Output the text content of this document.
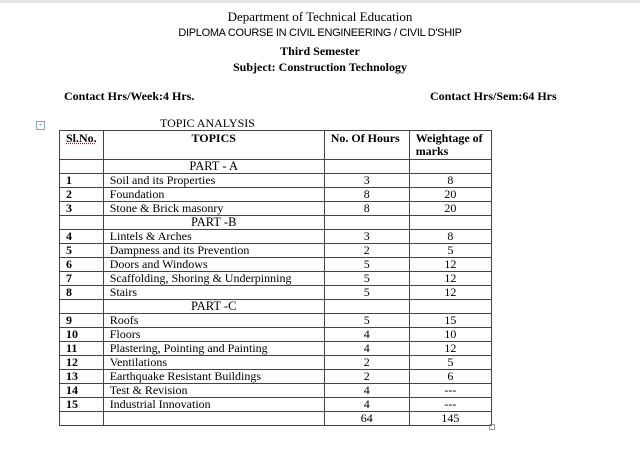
Department of Technical Education
DIPLOMA COURSE IN CIVIL ENGINEERING / CIVIL D'SHIP
Third Semester
Subject: Construction Technology
Contact Hrs/Week:4 Hrs.	Contact Hrs/Sem:64 Hrs
+	TOPIC ANALYSIS
Sl.No.	TOPICS	No. Of Hours	Weightage of marks
	PART - A		
1	Soil and its Properties	3	8
2	Foundation	8	20
3	Stone & Brick masonry	8	20
	PART -B		
4	Lintels & Arches	3	8
5	Dampness and its Prevention	2	5
6	Doors and Windows	5	12
7	Scaffolding, Shoring & Underpinning	5	12
8	Stairs	5	12
	PART -C		
9	Roofs	5	15
10	Floors	4	10
11	Plastering, Pointing and Painting	4	12
12	Ventilations	2	5
13	Earthquake Resistant Buildings	2	6
14	Test & Revision	4	---
15	Industrial Innovation	4	---
		64	145
